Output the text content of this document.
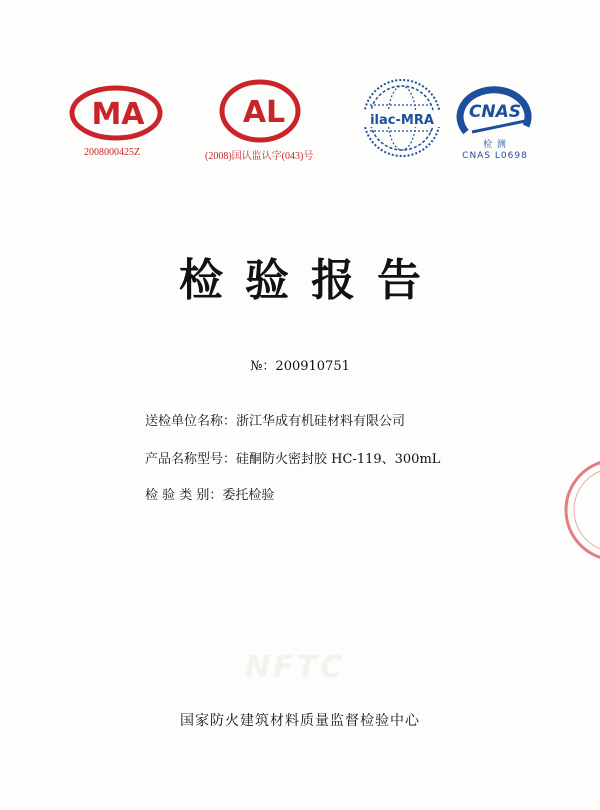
MA
2008000425Z
AL
(2008)国认监认字(043)号
ilac-MRA CNAS
检 测
CNAS L0698
检验报告
№：200910751
送检单位名称：浙江华成有机硅材料有限公司
产品名称型号：硅酮防火密封胶 HC-119、300mL
检 验 类 别：委托检验
NFTC
国家防火建筑材料质量监督检验中心
